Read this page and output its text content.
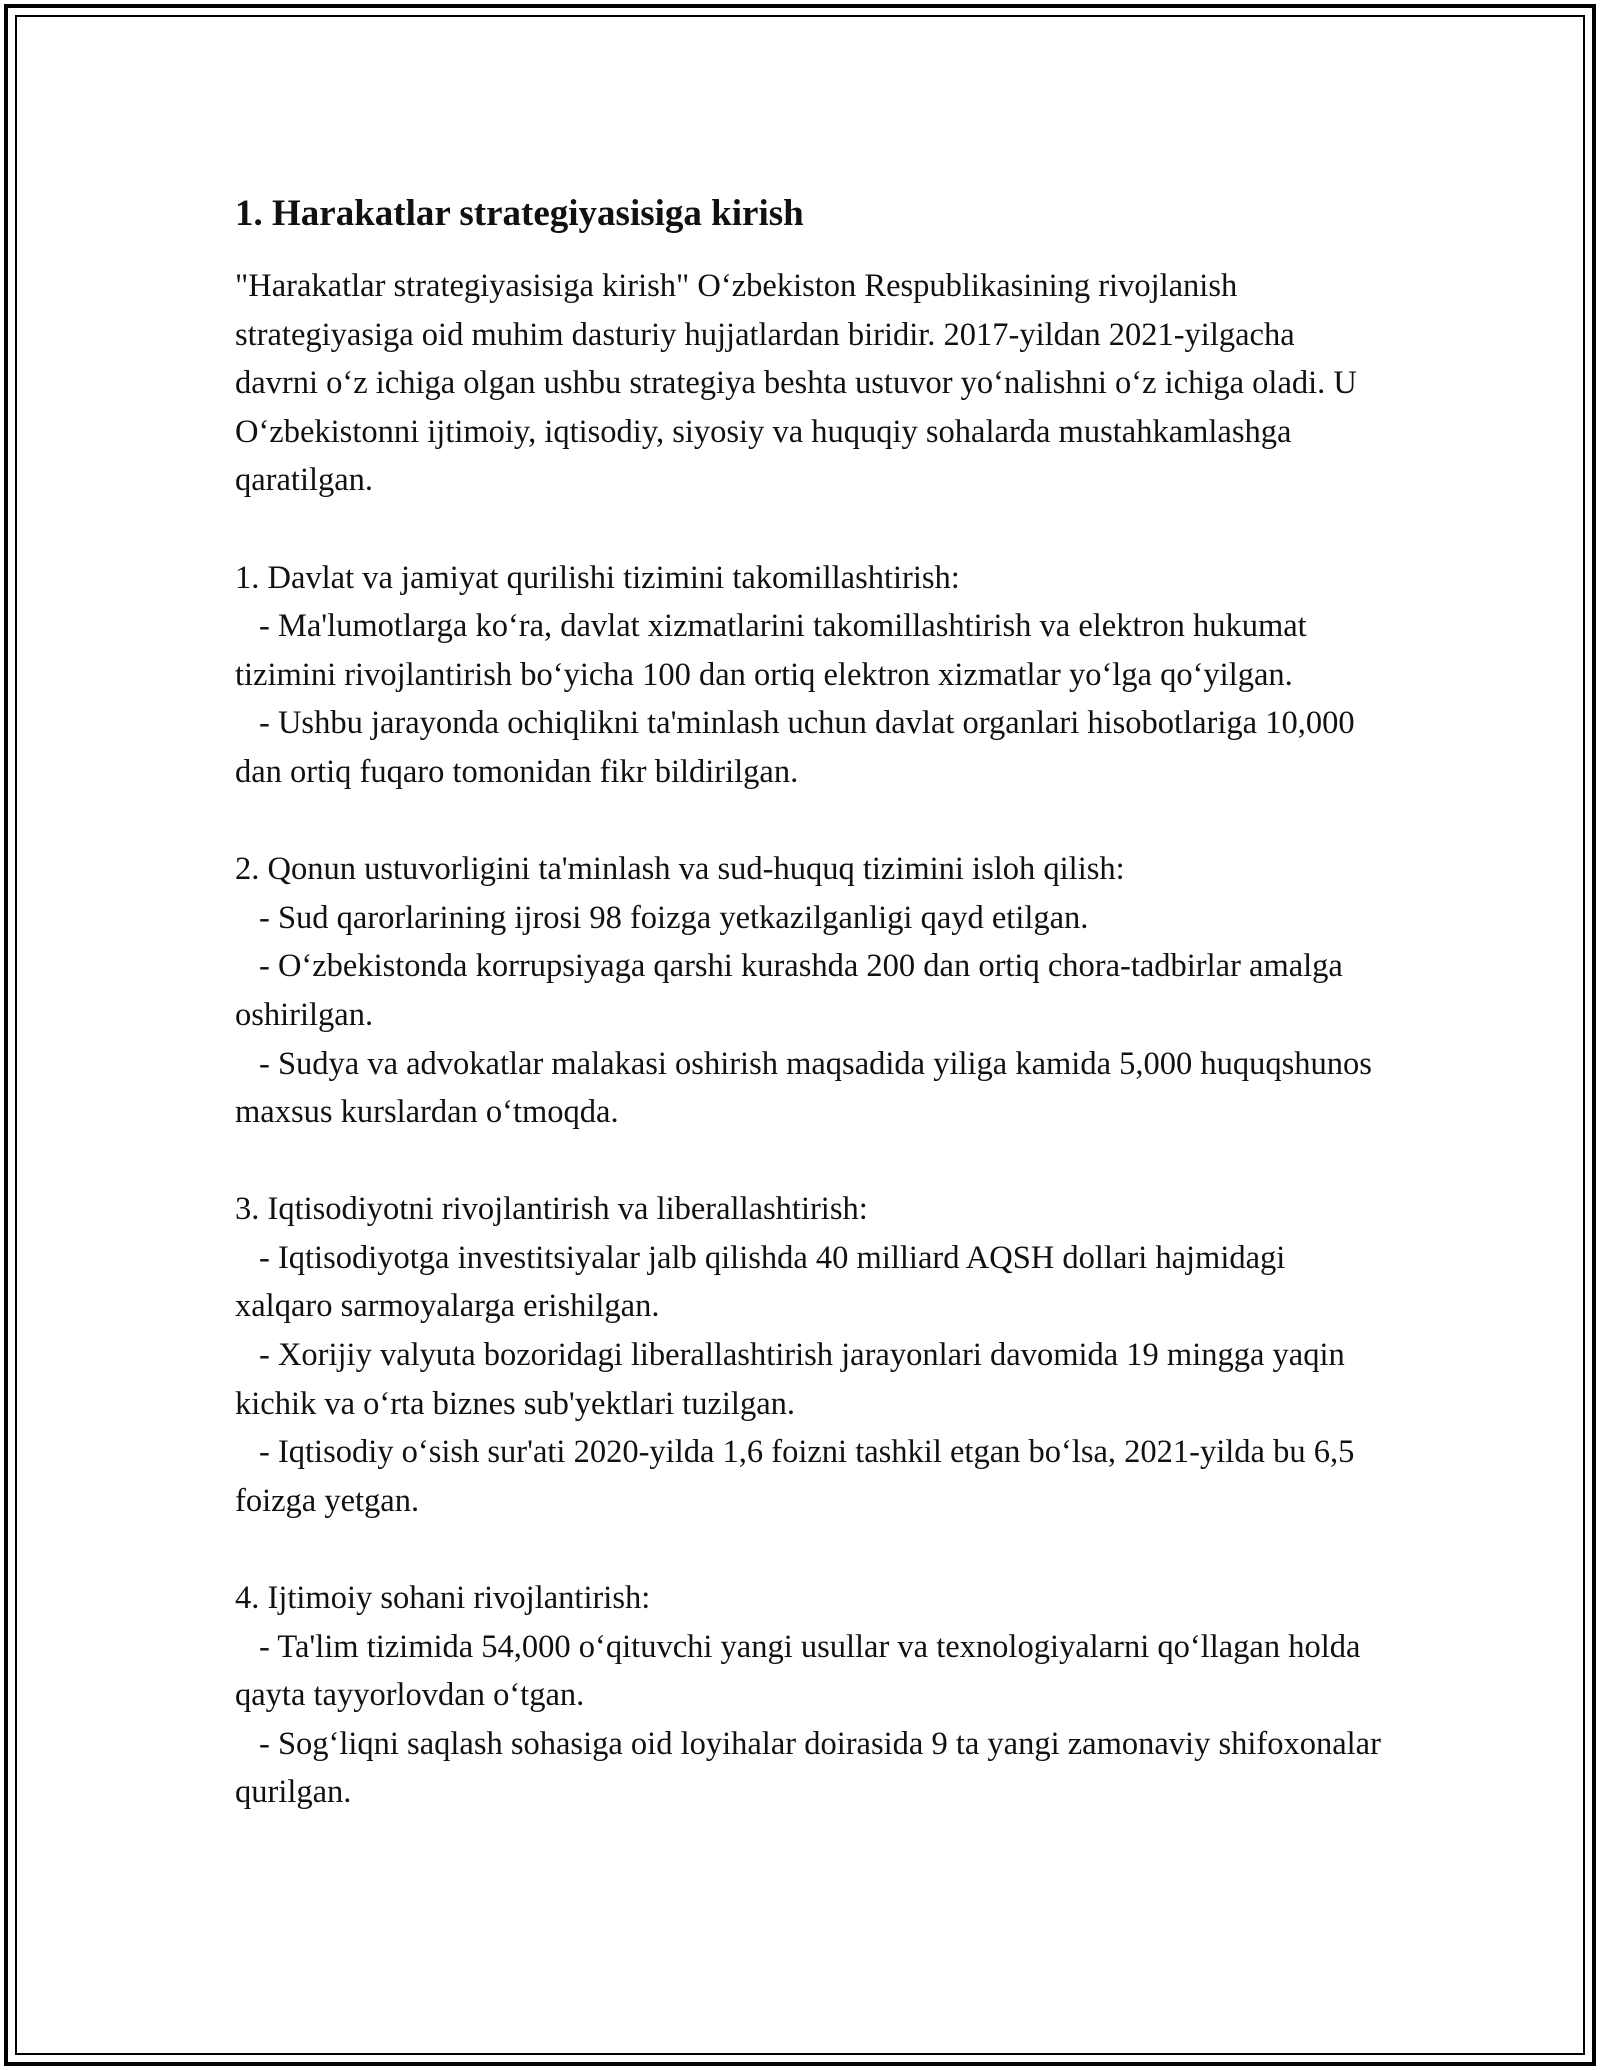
1. Harakatlar strategiyasisiga kirish

"Harakatlar strategiyasisiga kirish" O‘zbekiston Respublikasining rivojlanish strategiyasiga oid muhim dasturiy hujjatlardan biridir. 2017-yildan 2021-yilgacha davrni o‘z ichiga olgan ushbu strategiya beshta ustuvor yo‘nalishni o‘z ichiga oladi. U O‘zbekistonni ijtimoiy, iqtisodiy, siyosiy va huquqiy sohalarda mustahkamlashga qaratilgan.

1. Davlat va jamiyat qurilishi tizimini takomillashtirish:

- Ma'lumotlarga ko‘ra, davlat xizmatlarini takomillashtirish va elektron hukumat tizimini rivojlantirish bo‘yicha 100 dan ortiq elektron xizmatlar yo‘lga qo‘yilgan.

- Ushbu jarayonda ochiqlikni ta'minlash uchun davlat organlari hisobotlariga 10,000 dan ortiq fuqaro tomonidan fikr bildirilgan.

2. Qonun ustuvorligini ta'minlash va sud-huquq tizimini isloh qilish:

- Sud qarorlarining ijrosi 98 foizga yetkazilganligi qayd etilgan.

- O‘zbekistonda korrupsiyaga qarshi kurashda 200 dan ortiq chora-tadbirlar amalga oshirilgan.

- Sudya va advokatlar malakasi oshirish maqsadida yiliga kamida 5,000 huquqshunos maxsus kurslardan o‘tmoqda.

3. Iqtisodiyotni rivojlantirish va liberallashtirish:

- Iqtisodiyotga investitsiyalar jalb qilishda 40 milliard AQSH dollari hajmidagi xalqaro sarmoyalarga erishilgan.

- Xorijiy valyuta bozoridagi liberallashtirish jarayonlari davomida 19 mingga yaqin kichik va o‘rta biznes sub'yektlari tuzilgan.

- Iqtisodiy o‘sish sur'ati 2020-yilda 1,6 foizni tashkil etgan bo‘lsa, 2021-yilda bu 6,5 foizga yetgan.

4. Ijtimoiy sohani rivojlantirish:

- Ta'lim tizimida 54,000 o‘qituvchi yangi usullar va texnologiyalarni qo‘llagan holda qayta tayyorlovdan o‘tgan.

- Sog‘liqni saqlash sohasiga oid loyihalar doirasida 9 ta yangi zamonaviy shifoxonalar qurilgan.
